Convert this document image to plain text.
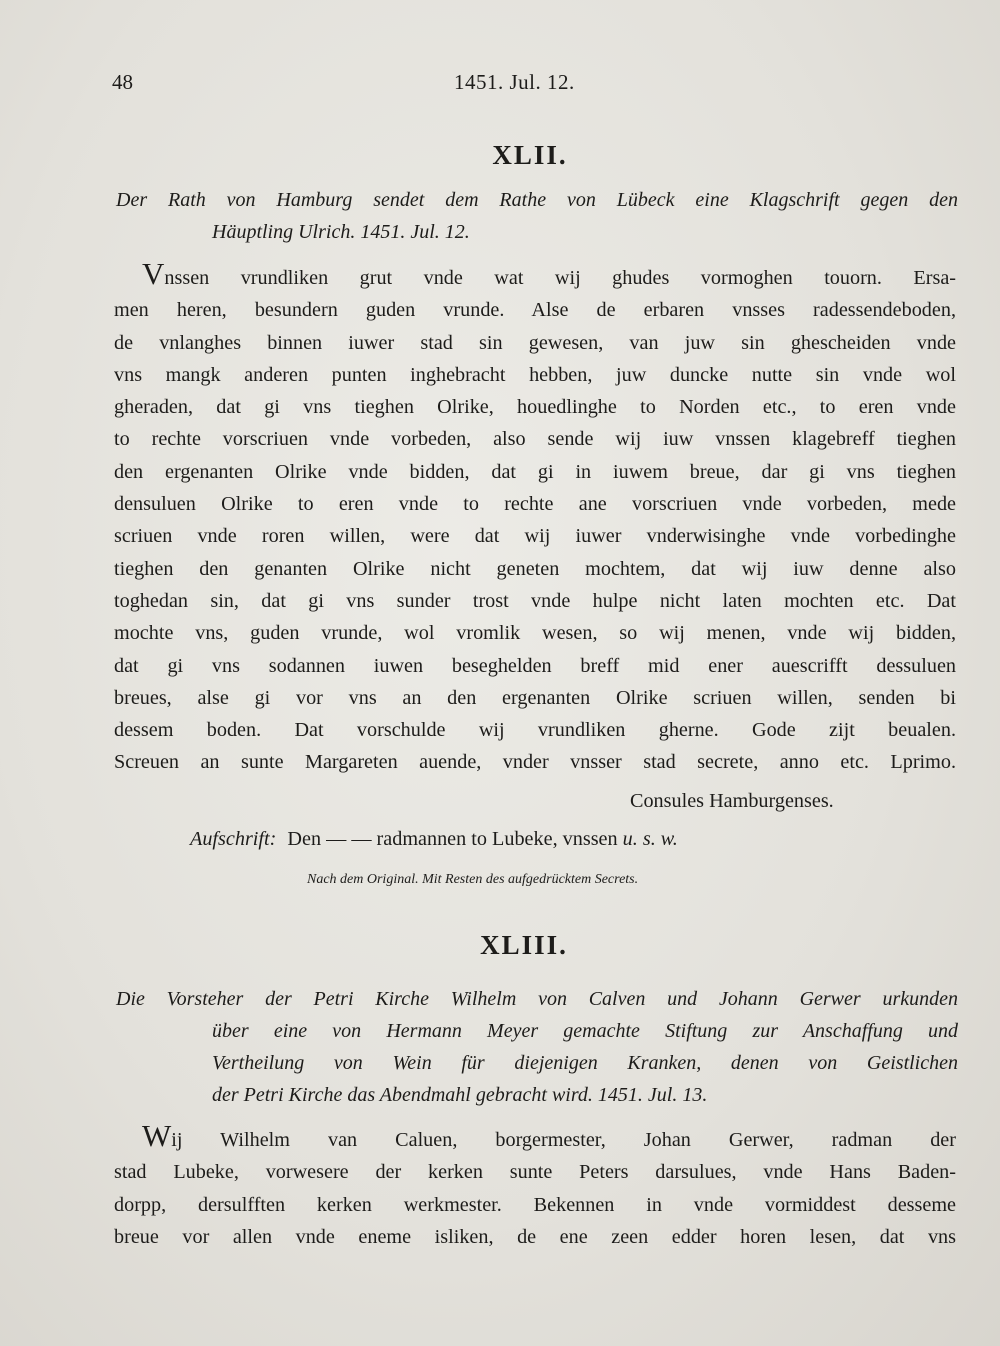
48	1451. Jul. 12.
XLII.
Der Rath von Hamburg sendet dem Rathe von Lübeck eine Klagschrift gegen den
Häuptling Ulrich. 1451. Jul. 12.
Vnssen vrundliken grut vnde wat wij ghudes vormoghen touorn. Ersa-
men heren, besundern guden vrunde. Alse de erbaren vnsses radessendeboden,
de vnlanghes binnen iuwer stad sin gewesen, van juw sin ghescheiden vnde
vns mangk anderen punten inghebracht hebben, juw duncke nutte sin vnde wol
gheraden, dat gi vns tieghen Olrike, houedlinghe to Norden etc., to eren vnde
to rechte vorscriuen vnde vorbeden, also sende wij iuw vnssen klagebreff tieghen
den ergenanten Olrike vnde bidden, dat gi in iuwem breue, dar gi vns tieghen
densuluen Olrike to eren vnde to rechte ane vorscriuen vnde vorbeden, mede
scriuen vnde roren willen, were dat wij iuwer vnderwisinghe vnde vorbedinghe
tieghen den genanten Olrike nicht geneten mochtem, dat wij iuw denne also
toghedan sin, dat gi vns sunder trost vnde hulpe nicht laten mochten etc. Dat
mochte vns, guden vrunde, wol vromlik wesen, so wij menen, vnde wij bidden,
dat gi vns sodannen iuwen beseghelden breff mid ener auescrifft dessuluen
breues, alse gi vor vns an den ergenanten Olrike scriuen willen, senden bi
dessem boden. Dat vorschulde wij vrundliken gherne. Gode zijt beualen.
Screuen an sunte Margareten auende, vnder vnsser stad secrete, anno etc. Lprimo.
Consules Hamburgenses.
Aufschrift: Den — — radmannen to Lubeke, vnssen u. s. w.
Nach dem Original. Mit Resten des aufgedrücktem Secrets.
XLIII.
Die Vorsteher der Petri Kirche Wilhelm von Calven und Johann Gerwer urkunden
über eine von Hermann Meyer gemachte Stiftung zur Anschaffung und
Vertheilung von Wein für diejenigen Kranken, denen von Geistlichen
der Petri Kirche das Abendmahl gebracht wird. 1451. Jul. 13.
Wij Wilhelm van Caluen, borgermester, Johan Gerwer, radman der
stad Lubeke, vorwesere der kerken sunte Peters darsulues, vnde Hans Baden-
dorpp, dersulfften kerken werkmester. Bekennen in vnde vormiddest desseme
breue vor allen vnde eneme isliken, de ene zeen edder horen lesen, dat vns
